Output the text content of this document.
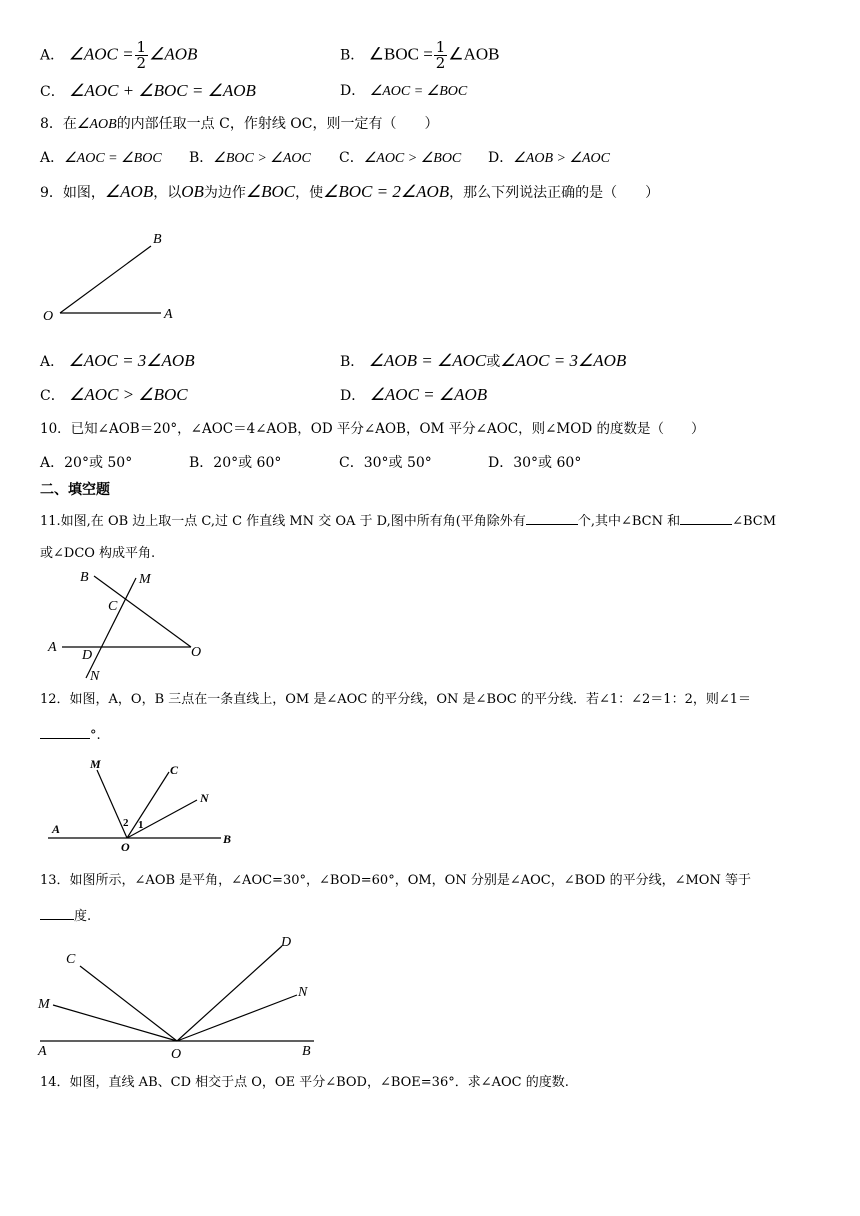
A． ∠AOC = $\frac{1}{2}$ ∠AOB	B． ∠BOC = $\frac{1}{2}$ ∠AOB
C． ∠AOC + ∠BOC = ∠AOB	D． ∠AOC = ∠BOC
8．在∠AOB的内部任取一点 C，作射线 OC，则一定有（　　）
A．∠AOC = ∠BOC B．∠BOC > ∠AOC C．∠AOC > ∠BOC D．∠AOB > ∠AOC
9．如图，∠AOB，以OB为边作∠BOC，使∠BOC = 2∠AOB，那么下列说法正确的是（　　）
O	A
B
B	M
C
A
D	O
N
M	C
N
A
O
B
2 1
C
D
M
N
A	O	B
A． ∠AOC = 3∠AOB	B． ∠AOB = ∠AOC或∠AOC = 3∠AOB
C． ∠AOC > ∠BOC	D． ∠AOC = ∠AOB
10．已知∠AOB＝20°，∠AOC＝4∠AOB，OD 平分∠AOB，OM 平分∠AOC，则∠MOD 的度数是（　　）
A．20°或 50°	B．20°或 60°	C．30°或 50°	D．30°或 60°
二、填空题
11.如图,在 OB 边上取一点 C,过 C 作直线 MN 交 OA 于 D,图中所有角(平角除外有	个,其中∠BCN 和	∠BCM
或∠DCO 构成平角.
12．如图，A，O，B 三点在一条直线上，OM 是∠AOC 的平分线，ON 是∠BOC 的平分线．若∠1：∠2＝1：2，则∠1＝
°.
13．如图所示，∠AOB 是平角，∠AOC=30°，∠BOD=60°，OM，ON 分别是∠AOC，∠BOD 的平分线，∠MON 等于
度.
14．如图，直线 AB、CD 相交于点 O，OE 平分∠BOD，∠BOE=36°．求∠AOC 的度数.
